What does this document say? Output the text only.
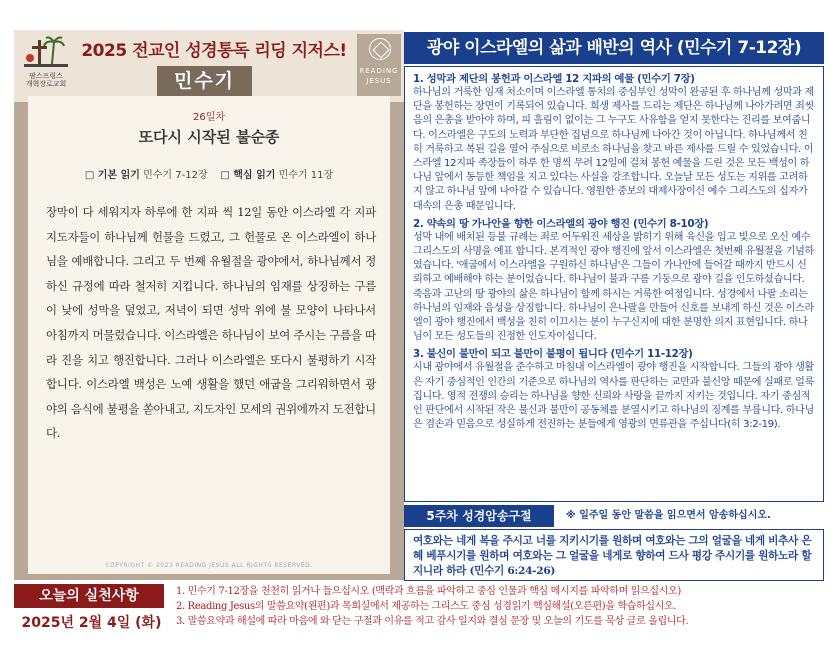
팜스프링스
개혁장로교회
2025 전교인 성경통독 리딩 지저스!
민수기	READING
JESUS
26일차
또다시 시작된 불순종
□ 기본 읽기 민수기 7-12장 □ 핵심 읽기 민수기 11장
장막이 다 세워지자 하루에 한 지파 씩 12일 동안 이스라엘 각 지파 지도자들이 하나님께 헌물을 드렸고, 그 헌물로 온 이스라엘이 하나님을 예배합니다. 그리고 두 번째 유월절을 광야에서, 하나님께서 정하신 규정에 따라 철저히 지킵니다. 하나님의 임재를 상징하는 구름이 낮에 성막을 덮었고, 저녁이 되면 성막 위에 불 모양이 나타나서 아침까지 머물렀습니다. 이스라엘은 하나님이 보여 주시는 구름을 따라 진을 치고 행진합니다. 그러나 이스라엘은 또다시 불평하기 시작합니다. 이스라엘 백성은 노예 생활을 했던 애굽을 그리워하면서 광야의 음식에 불평을 쏟아내고, 지도자인 모세의 권위에까지 도전합니다.
COPYRIGHT © 2023 READING JESUS ALL RIGHTS RESERVED.
광야 이스라엘의 삶과 배반의 역사 (민수기 7-12장)
1. 성막과 제단의 봉헌과 이스라엘 12 지파의 예물 (민수기 7장)
하나님의 거룩한 임재 처소이며 이스라엘 통치의 중심부인 성막이 완공된 후 하나님께 성막과 제단을 봉헌하는 장면이 기록되어 있습니다. 희생 제사를 드리는 제단은 하나님께 나아가려면 죄씻음의 은총을 받아야 하며, 피 흘림이 없이는 그 누구도 사유함을 얻지 못한다는 진리를 보여줍니다. 이스라엘은 구도의 노력과 부단한 집념으로 하나님께 나아간 것이 아닙니다. 하나님께서 친히 거룩하고 복된 길을 열어 주심으로 비로소 하나님을 찾고 바른 제사를 드릴 수 있었습니다. 이스라엘 12지파 족장들이 하루 한 명씩 무려 12일에 걸쳐 봉헌 예물을 드린 것은 모든 백성이 하나님 앞에서 동등한 책임을 지고 있다는 사실을 강조합니다. 오늘날 모든 성도는 지위를 고려하지 않고 하나님 앞에 나아갈 수 있습니다. 영원한 중보의 대제사장이신 예수 그리스도의 십자가 대속의 은총 때문입니다.
2. 약속의 땅 가나안을 향한 이스라엘의 광야 행진 (민수기 8-10장)
성막 내에 배치된 등불 규례는 죄로 어두워진 세상을 밝히기 위해 육신을 입고 빛으로 오신 예수 그리스도의 사명을 예표 합니다. 본격적인 광야 행진에 앞서 이스라엘은 첫번째 유월절을 기념하였습니다. '애굽에서 이스라엘을 구원하신 하나님'은 그들이 가나안에 들어갈 때까지 반드시 신뢰하고 예배해야 하는 분이었습니다. 하나님이 불과 구름 기둥으로 광야 길을 인도하셨습니다. 죽음과 고난의 땅 광야의 삶은 하나님이 함께 하시는 거룩한 여정입니다. 성경에서 나팔 소리는 하나님의 임재와 음성을 상징합니다. 하나님이 은나팔을 만들어 신호를 보내게 하신 것은 이스라엘이 광야 행진에서 백성을 친히 이끄시는 분이 누구신지에 대한 분명한 의지 표현입니다. 하나님이 모든 성도들의 진정한 인도자이십니다.
3. 불신이 불만이 되고 불만이 불평이 됩니다 (민수기 11-12장)
시내 광야에서 유월절을 준수하고 마침내 이스라엘이 광야 행진을 시작합니다. 그들의 광야 생활은 자기 중심적인 인간의 기준으로 하나님의 역사를 판단하는 교만과 불신앙 때문에 실패로 얼룩집니다. 영적 전쟁의 승리는 하나님을 향한 신뢰와 사랑을 끝까지 지키는 것입니다. 자기 중심적인 판단에서 시작된 작은 불신과 불만이 공동체를 분열시키고 하나님의 징계를 부릅니다. 하나님은 겸손과 믿음으로 성실하게 전진하는 분들에게 영광의 면류관을 주십니다(히 3:2-19).
5주차 성경암송구절	※ 일주일 동안 말씀을 읽으면서 암송하십시오.
여호와는 네게 복을 주시고 너를 지키시기를 원하며 여호와는 그의 얼굴을 네게 비추사 은혜 베푸시기를 원하며 여호와는 그 얼굴을 네게로 향하여 드사 평강 주시기를 원하노라 할지니라 하라 (민수기 6:24-26)
오늘의 실천사항
2025년 2월 4일 (화)
1. 민수기 7-12장을 천천히 읽거나 들으십시오 (맥락과 흐름을 파악하고 중심 인물과 핵심 메시지를 파악하며 읽으십시오)
2. Reading Jesus의 말씀요약(왼편)과 목회실에서 제공하는 그리스도 중심 성경읽기 핵심해설(오른편)을 학습하십시오.
3. 말씀요약과 해설에 따라 마음에 와 닫는 구절과 이유를 적고 감사 일지와 결심 문장 및 오늘의 기도를 묵상 글로 올립니다.
